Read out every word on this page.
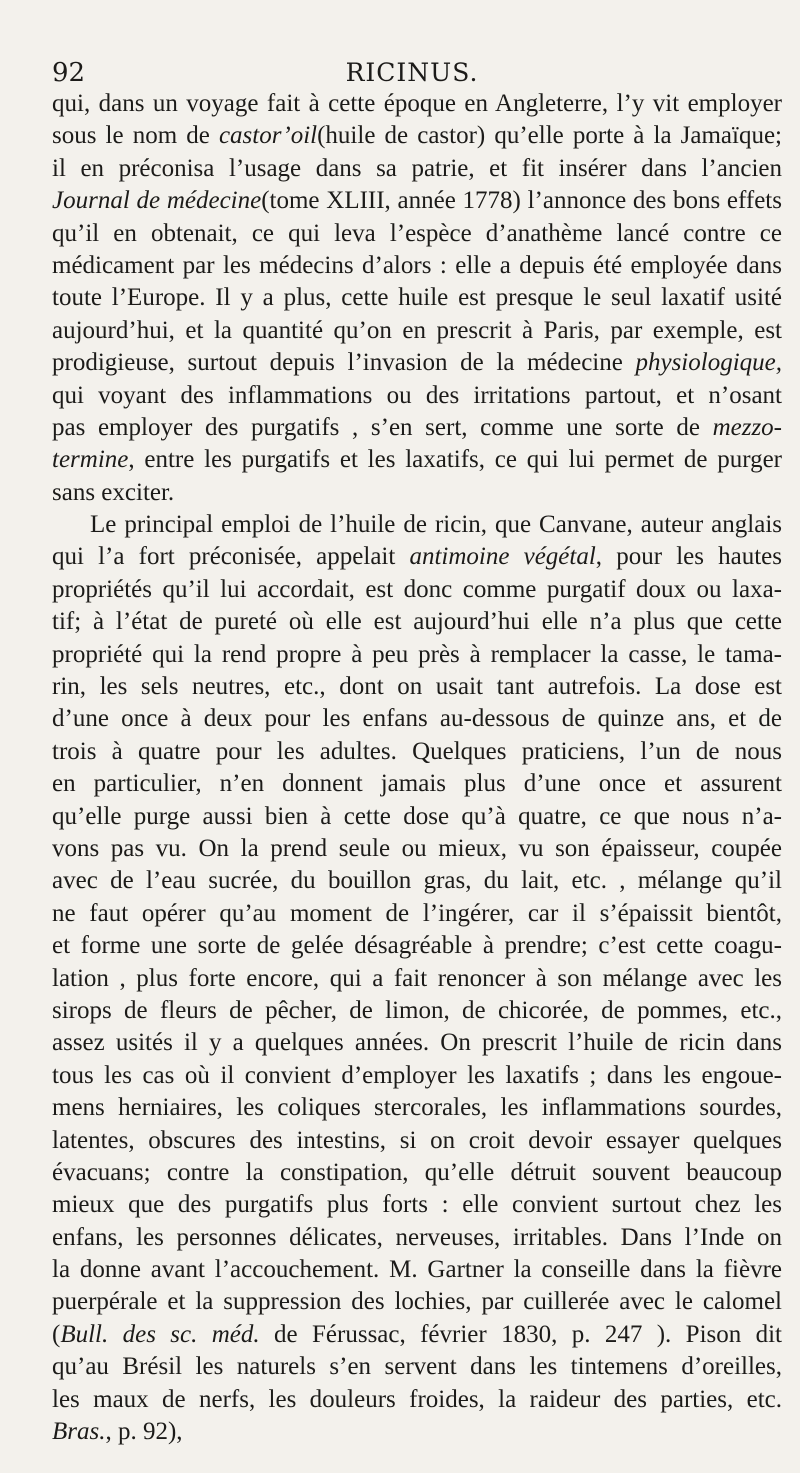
92	RICINUS.
qui, dans un voyage fait à cette époque en Angleterre, l’y vit employer
sous le nom de castor’oil(huile de castor) qu’elle porte à la Jamaïque;
il en préconisa l’usage dans sa patrie, et fit insérer dans l’ancien
Journal de médecine(tome XLIII, année 1778) l’annonce des bons effets
qu’il en obtenait, ce qui leva l’espèce d’anathème lancé contre ce
médicament par les médecins d’alors : elle a depuis été employée dans
toute l’Europe. Il y a plus, cette huile est presque le seul laxatif usité
aujourd’hui, et la quantité qu’on en prescrit à Paris, par exemple, est
prodigieuse, surtout depuis l’invasion de la médecine physiologique,
qui voyant des inflammations ou des irritations partout, et n’osant
pas employer des purgatifs , s’en sert, comme une sorte de mezzo-
termine, entre les purgatifs et les laxatifs, ce qui lui permet de purger
sans exciter.
Le principal emploi de l’huile de ricin, que Canvane, auteur anglais
qui l’a fort préconisée, appelait antimoine végétal, pour les hautes
propriétés qu’il lui accordait, est donc comme purgatif doux ou laxa-
tif; à l’état de pureté où elle est aujourd’hui elle n’a plus que cette
propriété qui la rend propre à peu près à remplacer la casse, le tama-
rin, les sels neutres, etc., dont on usait tant autrefois. La dose est
d’une once à deux pour les enfans au-dessous de quinze ans, et de
trois à quatre pour les adultes. Quelques praticiens, l’un de nous
en particulier, n’en donnent jamais plus d’une once et assurent
qu’elle purge aussi bien à cette dose qu’à quatre, ce que nous n’a-
vons pas vu. On la prend seule ou mieux, vu son épaisseur, coupée
avec de l’eau sucrée, du bouillon gras, du lait, etc. , mélange qu’il
ne faut opérer qu’au moment de l’ingérer, car il s’épaissit bientôt,
et forme une sorte de gelée désagréable à prendre; c’est cette coagu-
lation , plus forte encore, qui a fait renoncer à son mélange avec les
sirops de fleurs de pêcher, de limon, de chicorée, de pommes, etc.,
assez usités il y a quelques années. On prescrit l’huile de ricin dans
tous les cas où il convient d’employer les laxatifs ; dans les engoue-
mens herniaires, les coliques stercorales, les inflammations sourdes,
latentes, obscures des intestins, si on croit devoir essayer quelques
évacuans; contre la constipation, qu’elle détruit souvent beaucoup
mieux que des purgatifs plus forts : elle convient surtout chez les
enfans, les personnes délicates, nerveuses, irritables. Dans l’Inde on
la donne avant l’accouchement. M. Gartner la conseille dans la fièvre
puerpérale et la suppression des lochies, par cuillerée avec le calomel
(Bull. des sc. méd. de Férussac, février 1830, p. 247 ). Pison dit
qu’au Brésil les naturels s’en servent dans les tintemens d’oreilles,
les maux de nerfs, les douleurs froides, la raideur des parties, etc.
Bras., p. 92),
